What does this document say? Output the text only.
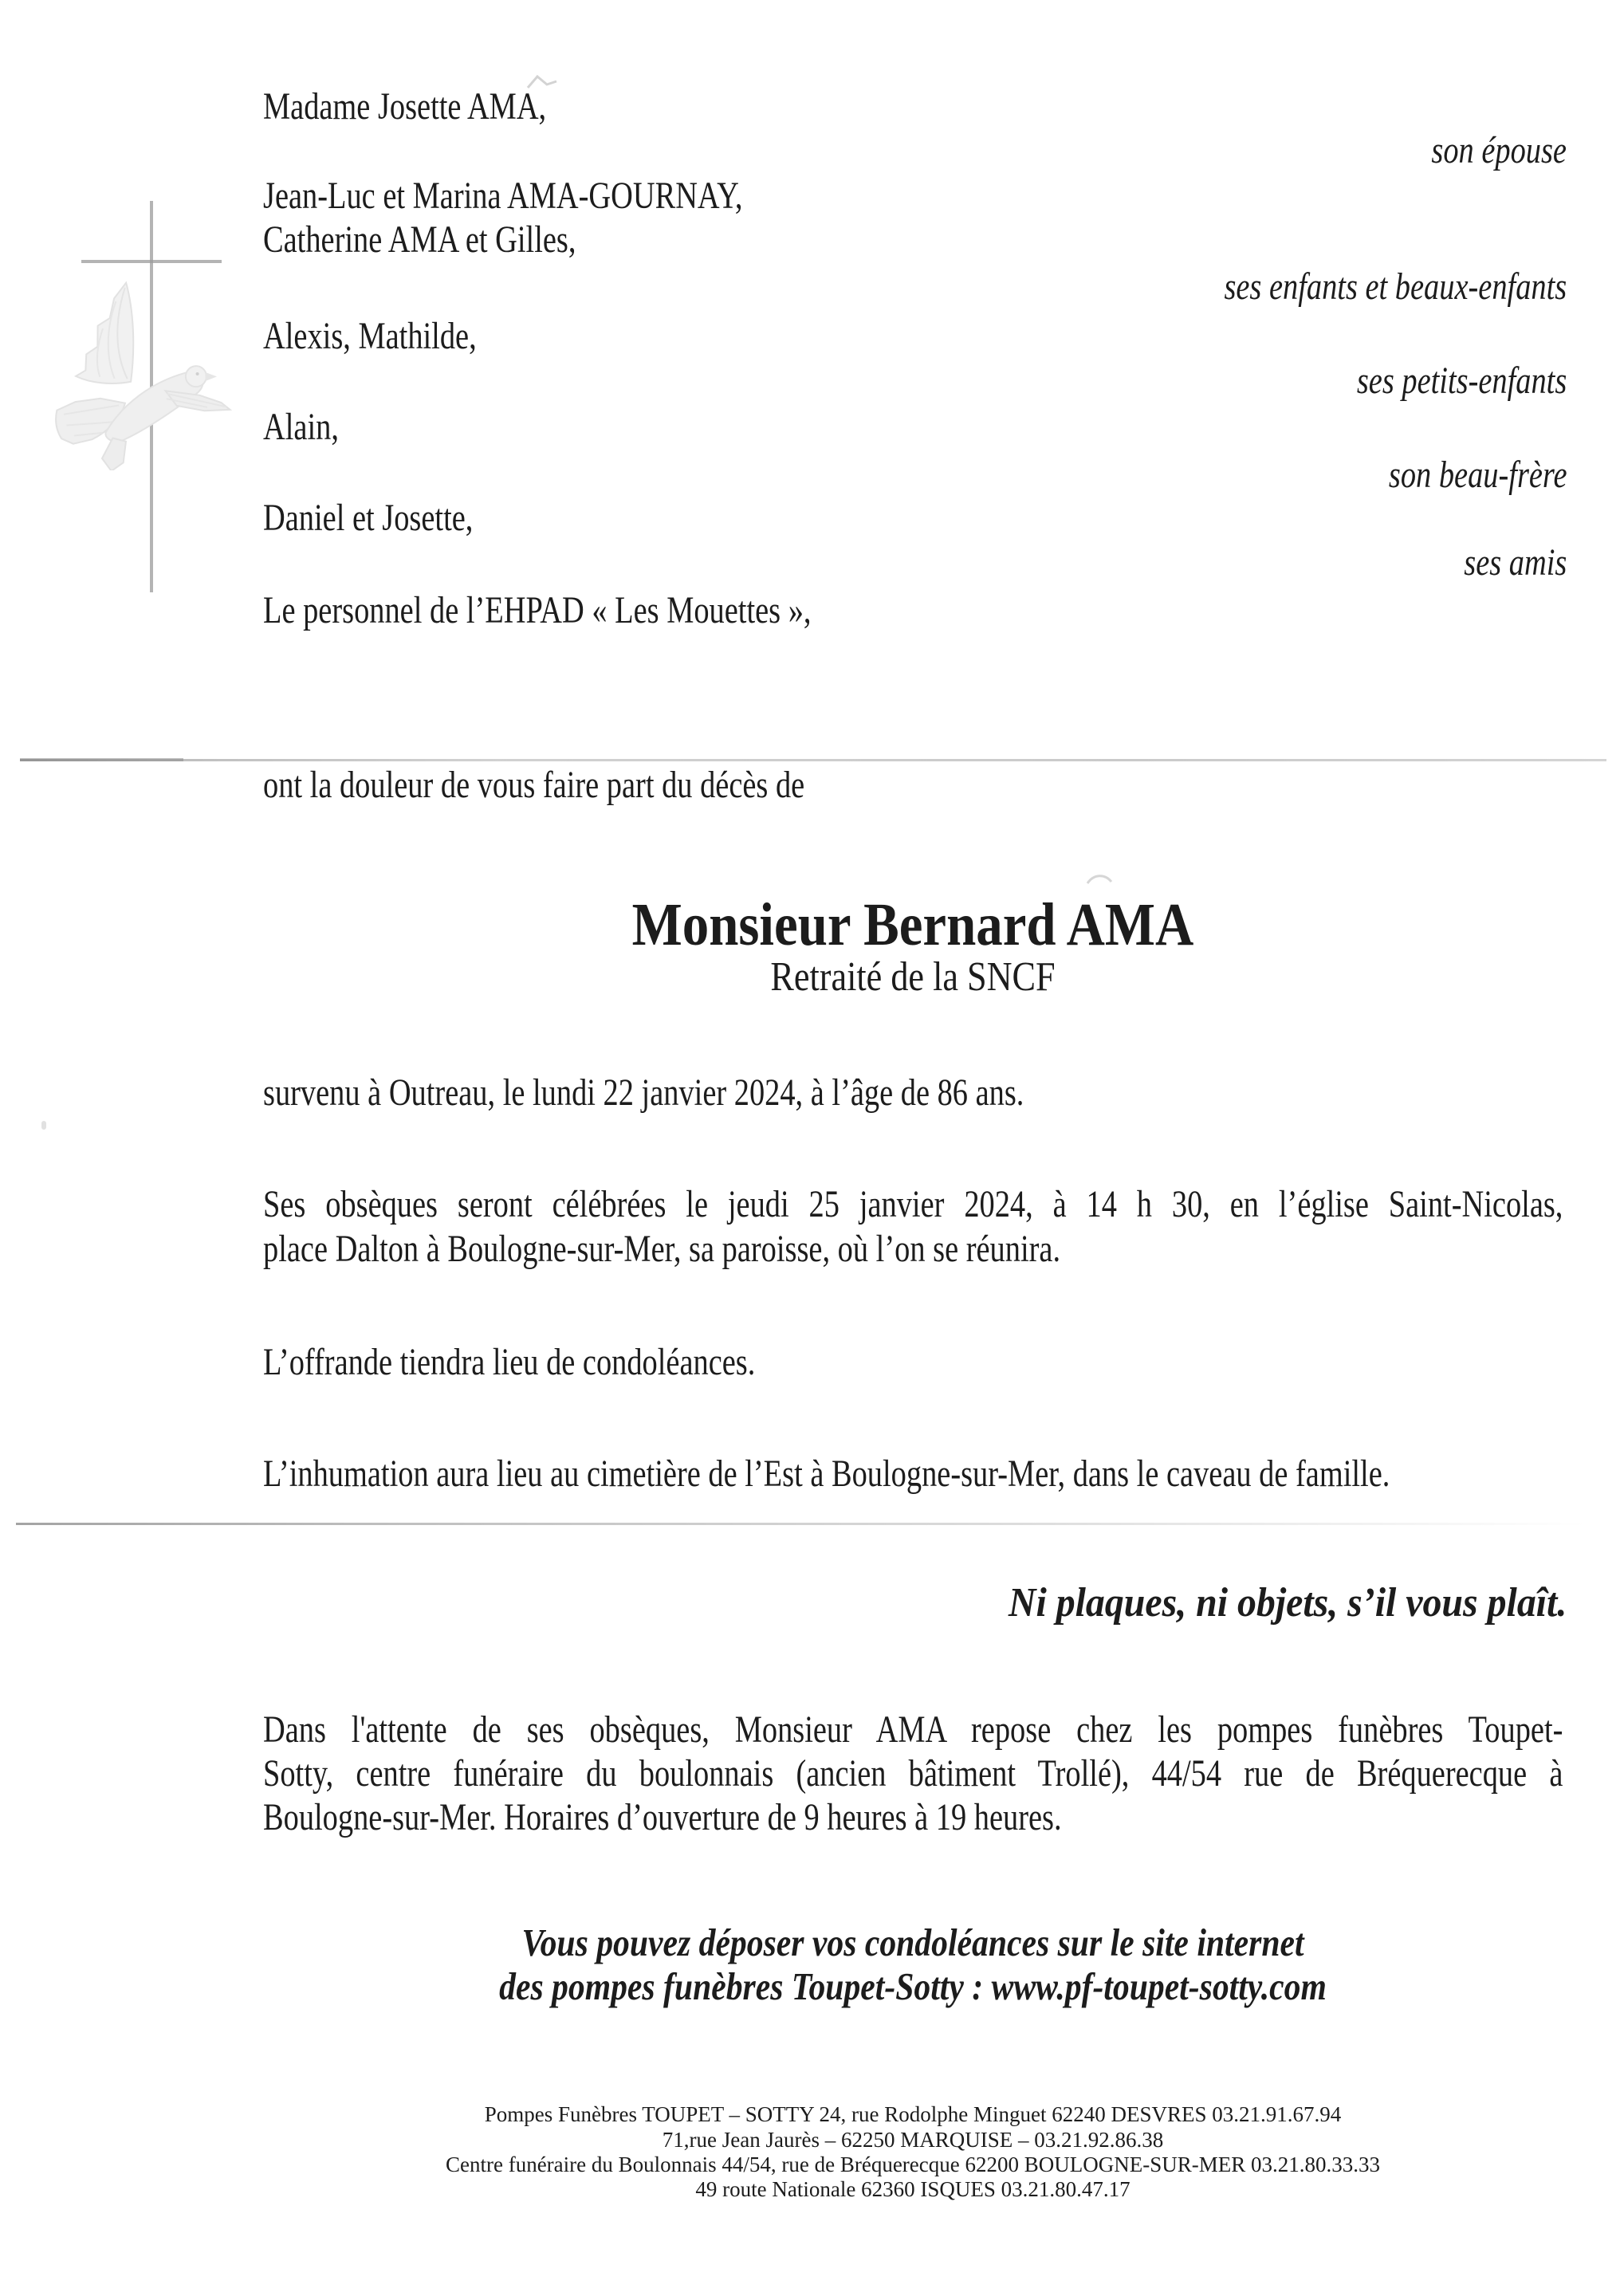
Madame Josette AMA,
Jean-Luc et Marina AMA-GOURNAY,
Catherine AMA et Gilles,
Alexis, Mathilde,
Alain,
Daniel et Josette,
Le personnel de l’EHPAD « Les Mouettes »,
son épouse
ses enfants et beaux-enfants
ses petits-enfants
son beau-frère
ses amis
ont la douleur de vous faire part du décès de
Monsieur Bernard AMA
Retraité de la SNCF
survenu à Outreau, le lundi 22 janvier 2024, à l’âge de 86 ans.
Ses obsèques seront célébrées le jeudi 25 janvier 2024, à 14 h 30, en l’église Saint-Nicolas,
place Dalton à Boulogne-sur-Mer, sa paroisse, où l’on se réunira.
L’offrande tiendra lieu de condoléances.
L’inhumation aura lieu au cimetière de l’Est à Boulogne-sur-Mer, dans le caveau de famille.
Ni plaques, ni objets, s’il vous plaît.
Dans l'attente de ses obsèques, Monsieur AMA repose chez les pompes funèbres Toupet-
Sotty, centre funéraire du boulonnais (ancien bâtiment Trollé), 44/54 rue de Bréquerecque à
Boulogne-sur-Mer. Horaires d’ouverture de 9 heures à 19 heures.
Vous pouvez déposer vos condoléances sur le site internet
des pompes funèbres Toupet-Sotty : www.pf-toupet-sotty.com
Pompes Funèbres TOUPET – SOTTY 24, rue Rodolphe Minguet 62240 DESVRES 03.21.91.67.94
71,rue Jean Jaurès – 62250 MARQUISE – 03.21.92.86.38
Centre funéraire du Boulonnais 44/54, rue de Bréquerecque 62200 BOULOGNE-SUR-MER 03.21.80.33.33
49 route Nationale 62360 ISQUES 03.21.80.47.17
